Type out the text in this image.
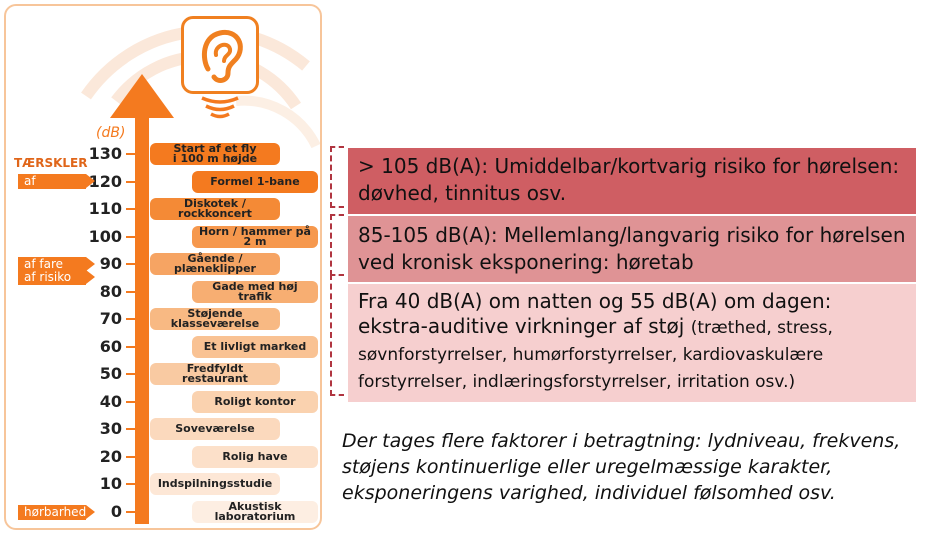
(dB)
TÆRSKLER 130
120
110
100
90
80
70
60
50
40
30
20
10
0
af smerte
af fare
af risiko
hørbarhed
Start af et fly
i 100 m højde
Formel 1-bane
Diskotek / rockkoncert
Horn / hammer på 2 m
Gående / plæneklipper
Gade med høj trafik
Støjende
klasseværelse
Et livligt marked
Fredfyldt restaurant
Roligt kontor
Soveværelse
Rolig have
Indspilningsstudie
Akustisk laboratorium
> 105 dB(A): Umiddelbar/kortvarig risiko for hørelsen: døvhed, tinnitus osv.
85-105 dB(A): Mellemlang/langvarig risiko for hørelsen ved kronisk eksponering: høretab
Fra 40 dB(A) om natten og 55 dB(A) om dagen: ekstra-auditive virkninger af støj (træthed, stress, søvnforstyrrelser, humørforstyrrelser, kardiovaskulære forstyrrelser, indlæringsforstyrrelser, irritation osv.)
Der tages flere faktorer i betragtning: lydniveau, frekvens, støjens kontinuerlige eller uregelmæssige karakter, eksponeringens varighed, individuel følsomhed osv.
